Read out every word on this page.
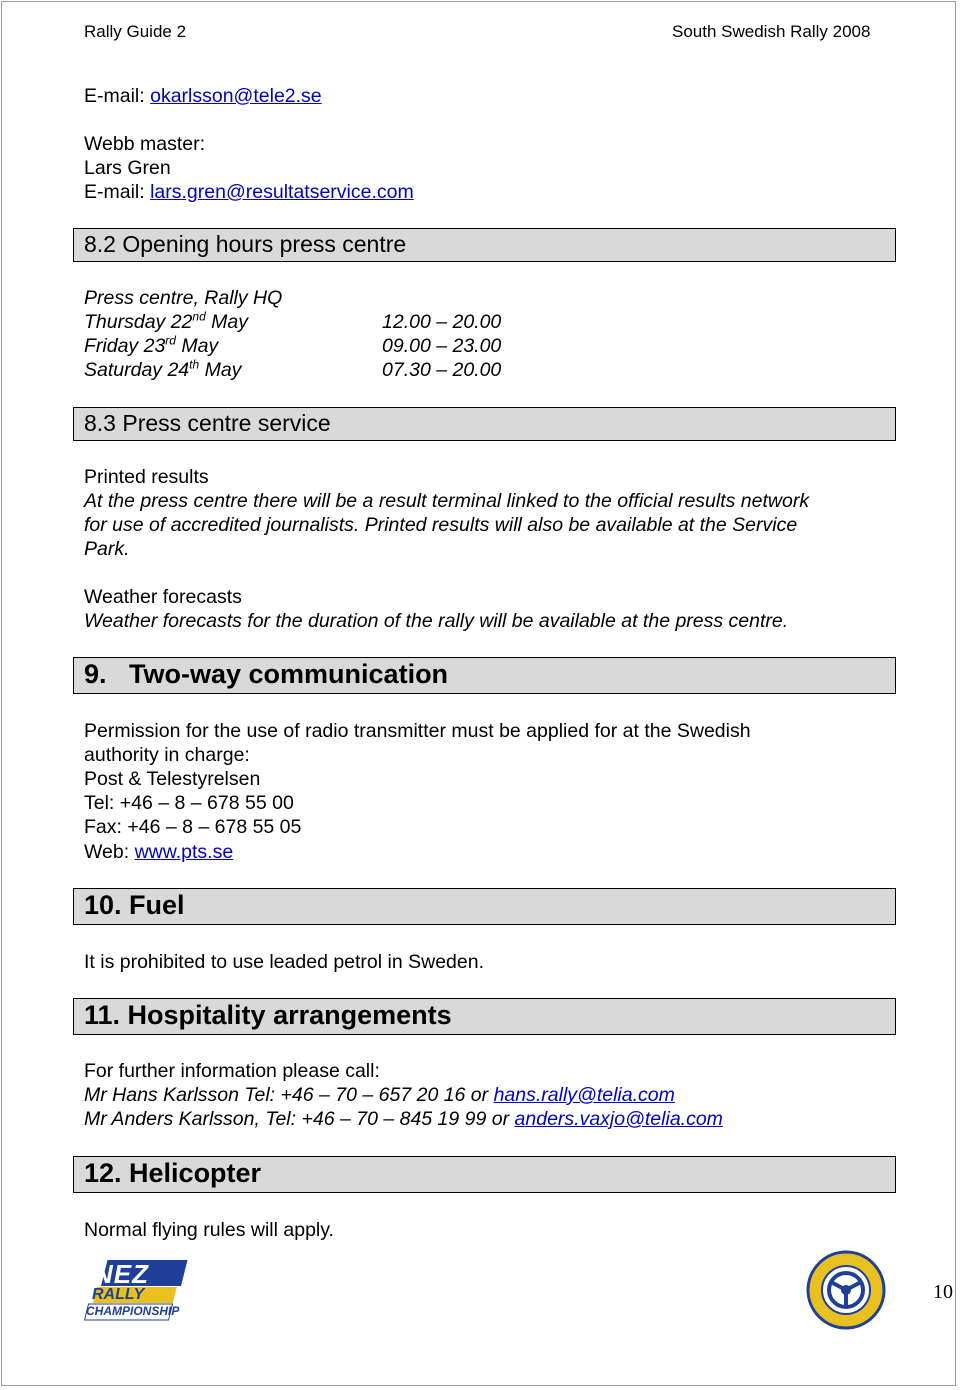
Rally Guide 2	South Swedish Rally 2008
E-mail: okarlsson@tele2.se
Webb master:
Lars Gren
E-mail: lars.gren@resultatservice.com
8.2 Opening hours press centre
Press centre, Rally HQ
Thursday 22nd May	12.00 – 20.00
Friday 23rd May	09.00 – 23.00
Saturday 24th May	07.30 – 20.00
8.3 Press centre service
Printed results
At the press centre there will be a result terminal linked to the official results network
for use of accredited journalists. Printed results will also be available at the Service
Park.
Weather forecasts
Weather forecasts for the duration of the rally will be available at the press centre.
9.   Two-way communication
Permission for the use of radio transmitter must be applied for at the Swedish
authority in charge:
Post & Telestyrelsen
Tel: +46 – 8 – 678 55 00
Fax: +46 – 8 – 678 55 05
Web: www.pts.se
10. Fuel
It is prohibited to use leaded petrol in Sweden.
11. Hospitality arrangements
For further information please call:
Mr Hans Karlsson Tel: +46 – 70 – 657 20 16 or hans.rally@telia.com
Mr Anders Karlsson, Tel: +46 – 70 – 845 19 99 or anders.vaxjo@telia.com
12. Helicopter
Normal flying rules will apply.
NEZ
RALLY
CHAMPIONSHIP
10
